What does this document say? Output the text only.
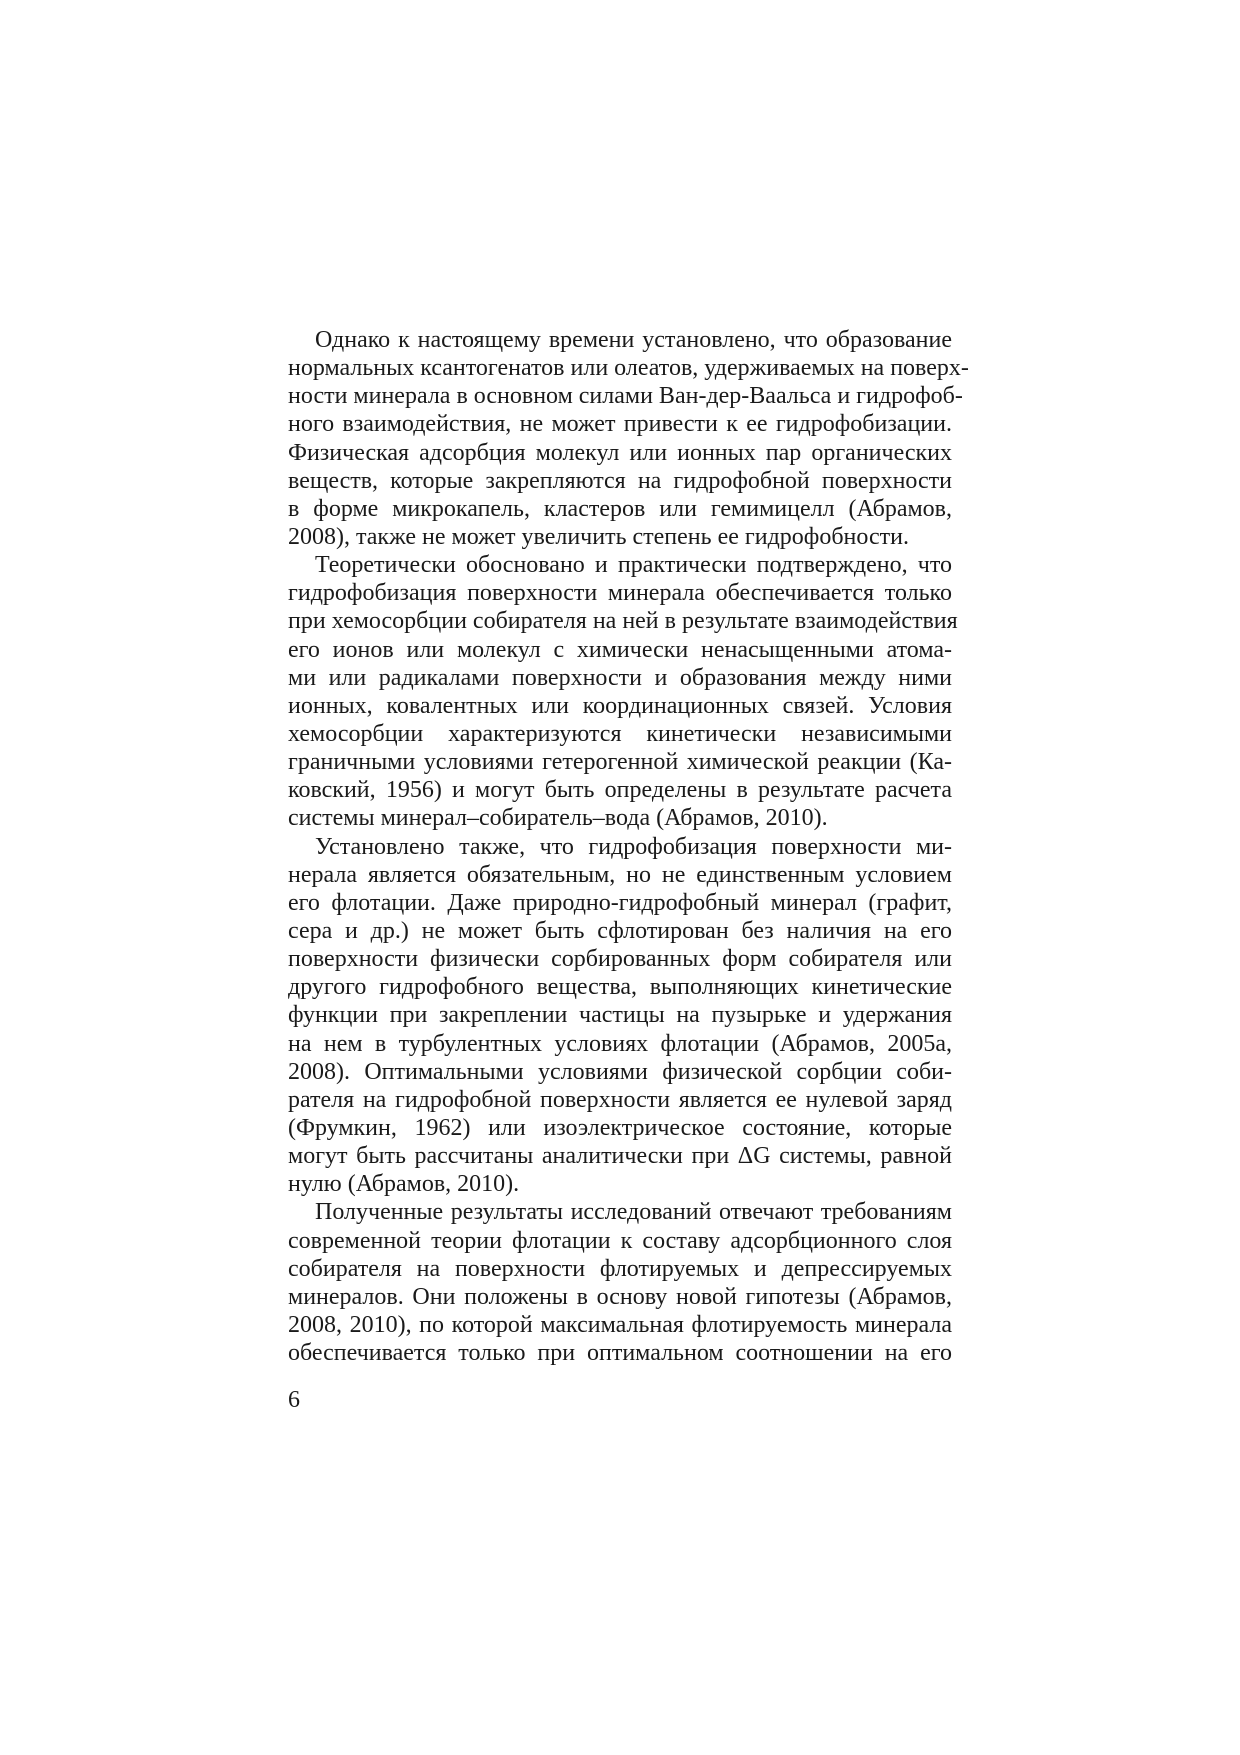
Однако к настоящему времени установлено, что образование
нормальных ксантогенатов или олеатов, удерживаемых на поверх-
ности минерала в основном силами Ван-дер-Ваальса и гидрофоб-
ного взаимодействия, не может привести к ее гидрофобизации.
Физическая адсорбция молекул или ионных пар органических
веществ, которые закрепляются на гидрофобной поверхности
в форме микрокапель, кластеров или гемимицелл (Абрамов,
2008), также не может увеличить степень ее гидрофобности.
Теоретически обосновано и практически подтверждено, что
гидрофобизация поверхности минерала обеспечивается только
при хемосорбции собирателя на ней в результате взаимодействия
его ионов или молекул с химически ненасыщенными атома-
ми или радикалами поверхности и образования между ними
ионных, ковалентных или координационных связей. Условия
хемосорбции характеризуются кинетически независимыми
граничными условиями гетерогенной химической реакции (Ка-
ковский, 1956) и могут быть определены в результате расчета
системы минерал–собиратель–вода (Абрамов, 2010).
Установлено также, что гидрофобизация поверхности ми-
нерала является обязательным, но не единственным условием
его флотации. Даже природно-гидрофобный минерал (графит,
сера и др.) не может быть сфлотирован без наличия на его
поверхности физически сорбированных форм собирателя или
другого гидрофобного вещества, выполняющих кинетические
функции при закреплении частицы на пузырьке и удержания
на нем в турбулентных условиях флотации (Абрамов, 2005а,
2008). Оптимальными условиями физической сорбции соби-
рателя на гидрофобной поверхности является ее нулевой заряд
(Фрумкин, 1962) или изоэлектрическое состояние, которые
могут быть рассчитаны аналитически при ΔG системы, равной
нулю (Абрамов, 2010).
Полученные результаты исследований отвечают требованиям
современной теории флотации к составу адсорбционного слоя
собирателя на поверхности флотируемых и депрессируемых
минералов. Они положены в основу новой гипотезы (Абрамов,
2008, 2010), по которой максимальная флотируемость минерала
обеспечивается только при оптимальном соотношении на его
6
